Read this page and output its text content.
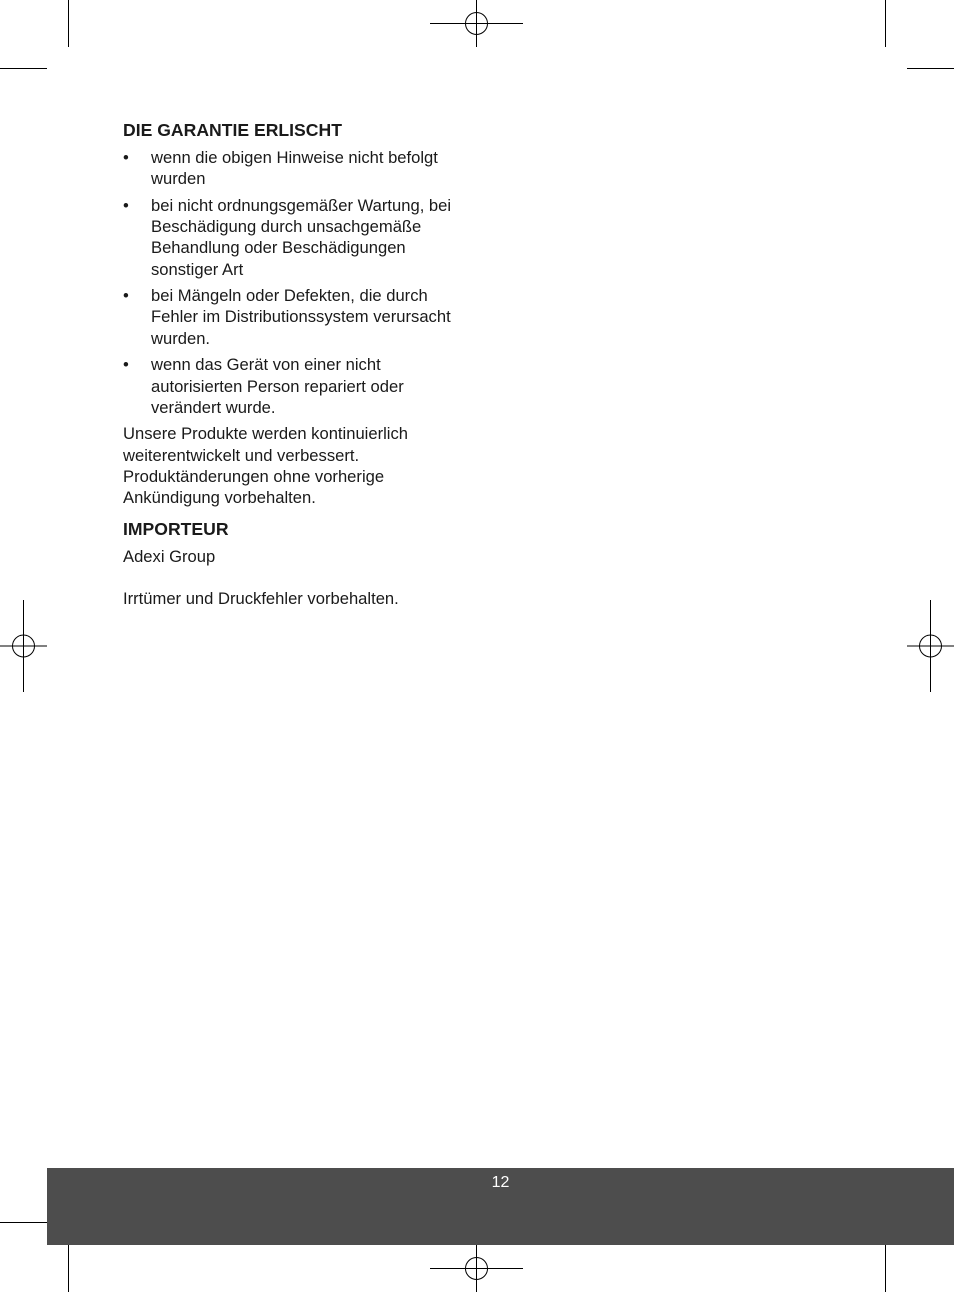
DIE GARANTIE ERLISCHT
• wenn die obigen Hinweise nicht befolgt wurden
• bei nicht ordnungsgemäßer Wartung, bei Beschädigung durch unsachgemäße Behandlung oder Beschädigungen sonstiger Art
• bei Mängeln oder Defekten, die durch Fehler im Distributionssystem verursacht wurden.
• wenn das Gerät von einer nicht autorisierten Person repariert oder verändert wurde.

Unsere Produkte werden kontinuierlich weiterentwickelt und verbessert. Produktänderungen ohne vorherige Ankündigung vorbehalten.

IMPORTEUR

Adexi Group

Irrtümer und Druckfehler vorbehalten.

12
